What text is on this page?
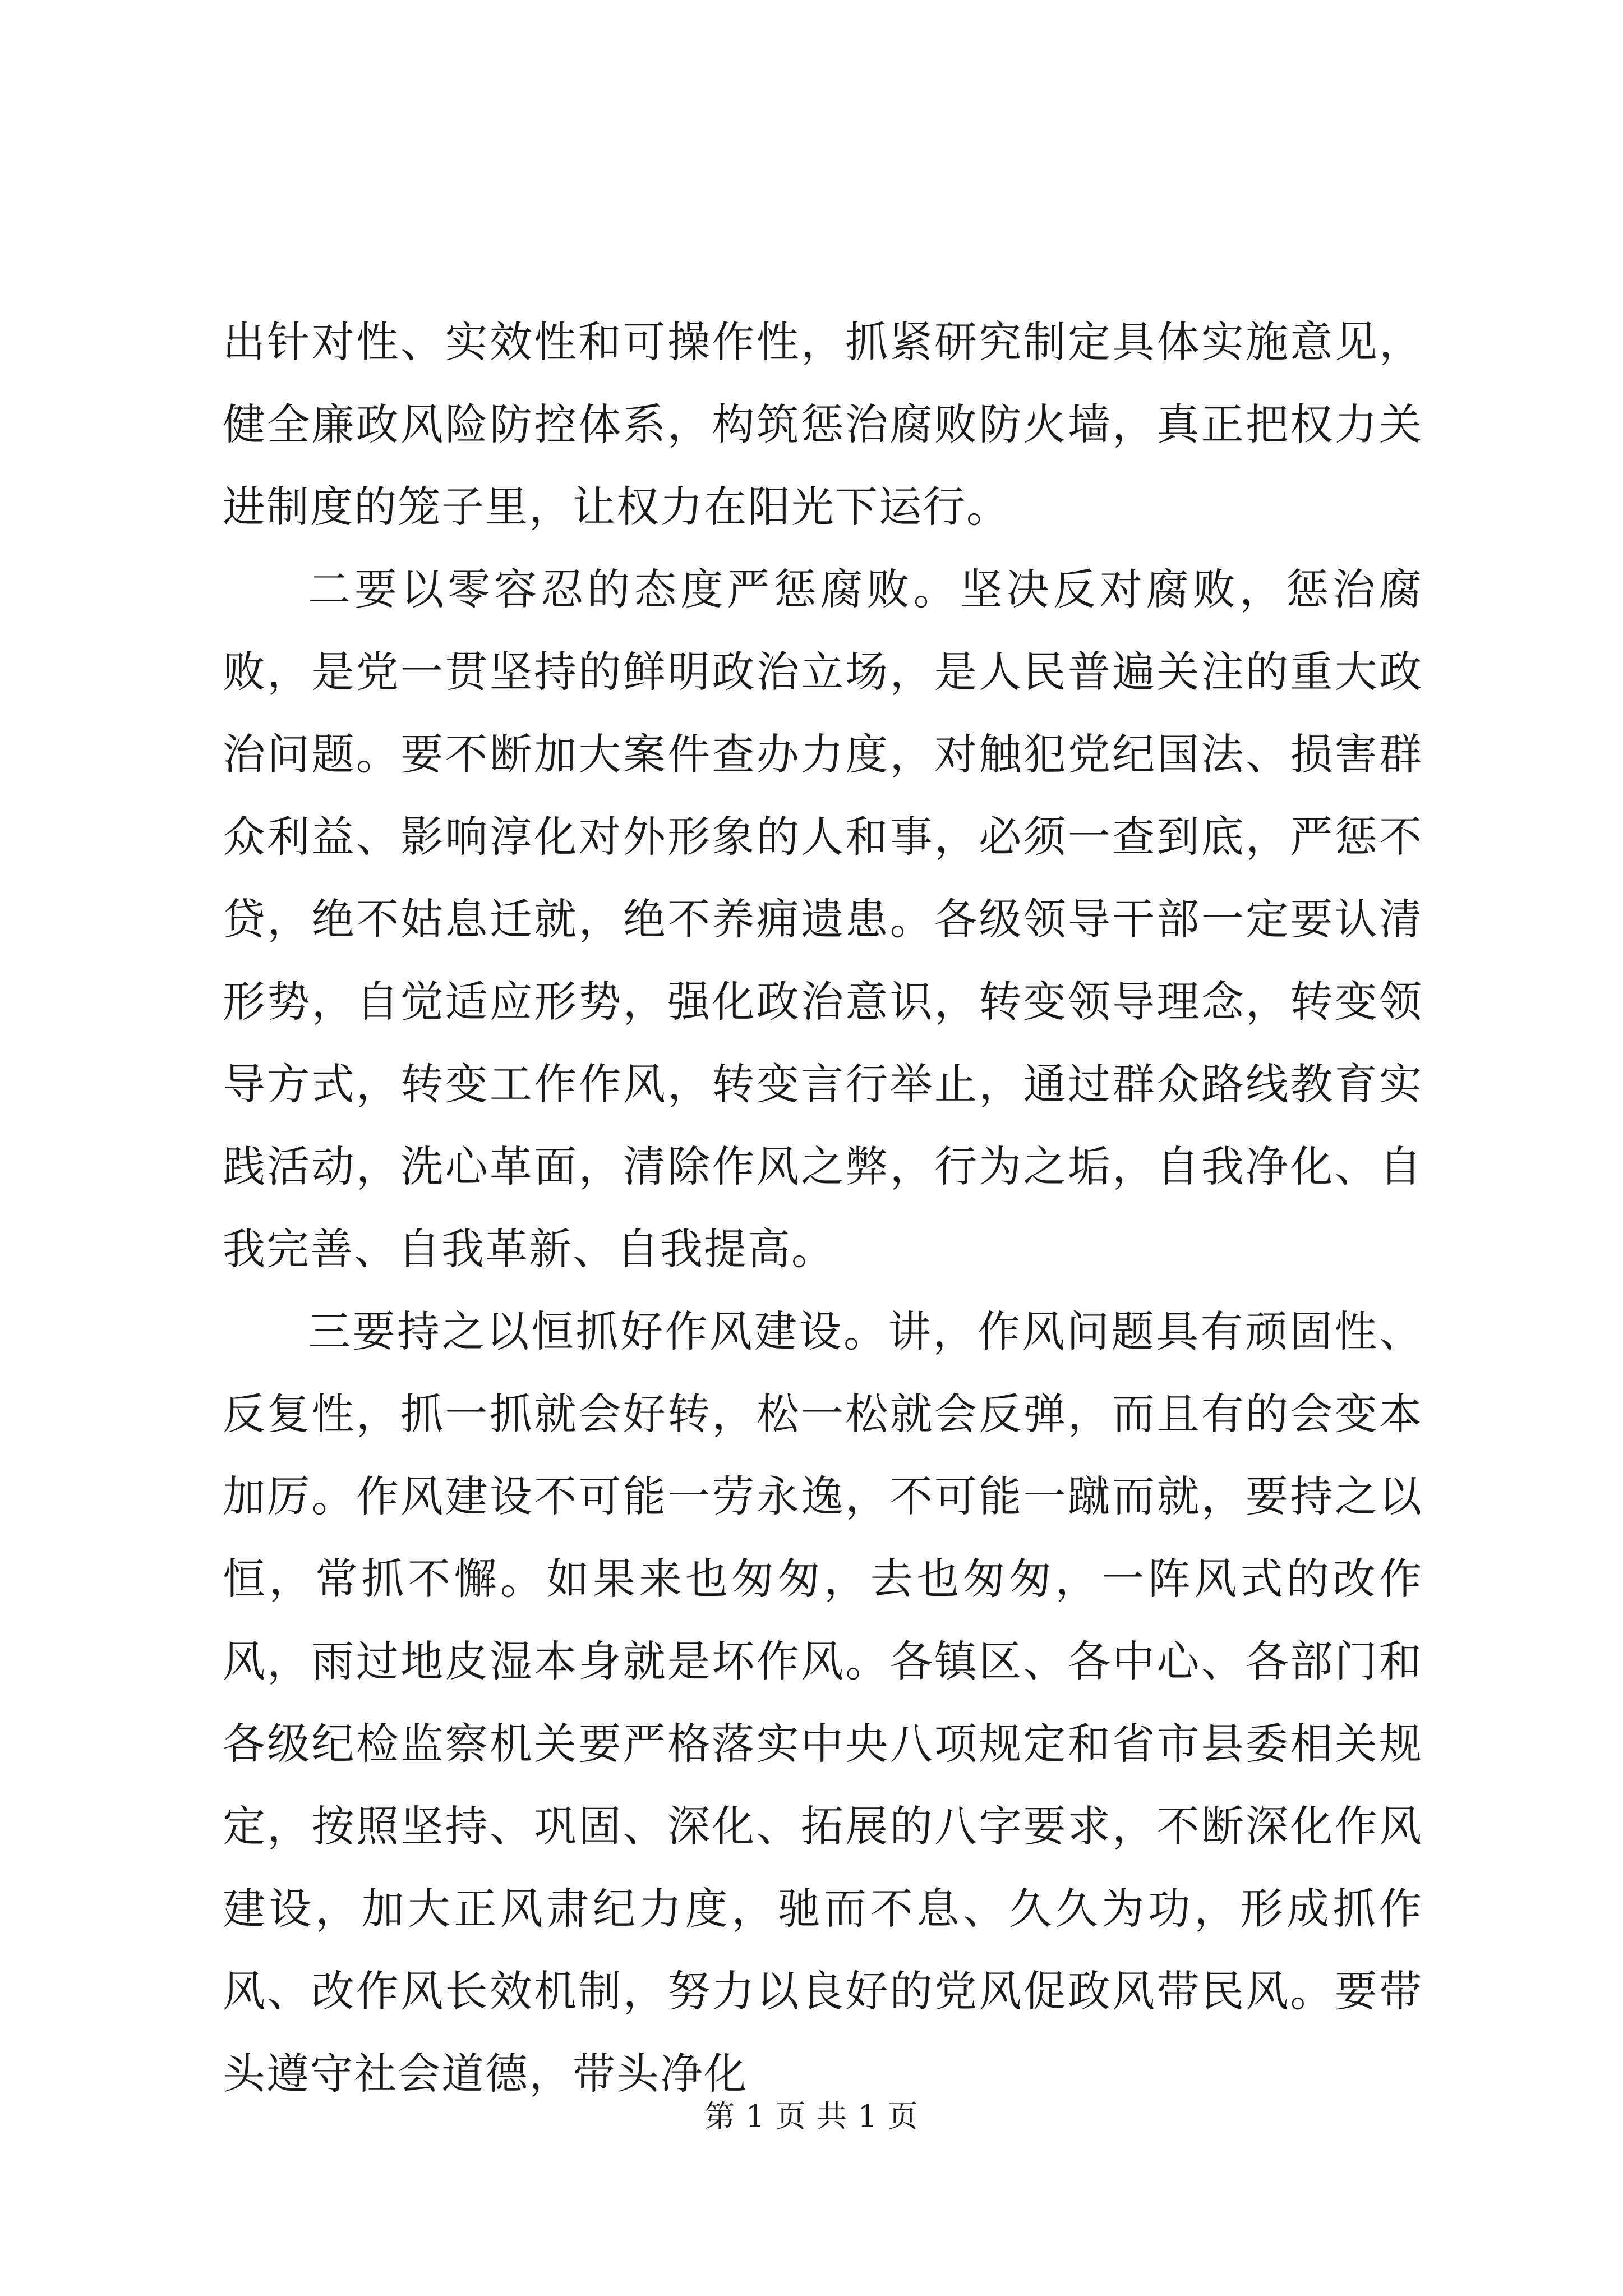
出针对性、实效性和可操作性，抓紧研究制定具体实施意见，健全廉政风险防控体系，构筑惩治腐败防火墙，真正把权力关进制度的笼子里，让权力在阳光下运行。

二要以零容忍的态度严惩腐败。坚决反对腐败，惩治腐败，是党一贯坚持的鲜明政治立场，是人民普遍关注的重大政治问题。要不断加大案件查办力度，对触犯党纪国法、损害群众利益、影响淳化对外形象的人和事，必须一查到底，严惩不贷，绝不姑息迁就，绝不养痈遗患。各级领导干部一定要认清形势，自觉适应形势，强化政治意识，转变领导理念，转变领导方式，转变工作作风，转变言行举止，通过群众路线教育实践活动，洗心革面，清除作风之弊，行为之垢，自我净化、自我完善、自我革新、自我提高。

三要持之以恒抓好作风建设。讲，作风问题具有顽固性、反复性，抓一抓就会好转，松一松就会反弹，而且有的会变本加厉。作风建设不可能一劳永逸，不可能一蹴而就，要持之以恒，常抓不懈。如果来也匆匆，去也匆匆，一阵风式的改作风，雨过地皮湿本身就是坏作风。各镇区、各中心、各部门和各级纪检监察机关要严格落实中央八项规定和省市县委相关规定，按照坚持、巩固、深化、拓展的八字要求，不断深化作风建设，加大正风肃纪力度，驰而不息、久久为功，形成抓作风、改作风长效机制，努力以良好的党风促政风带民风。要带头遵守社会道德，带头净化

第 1 页 共 1 页
